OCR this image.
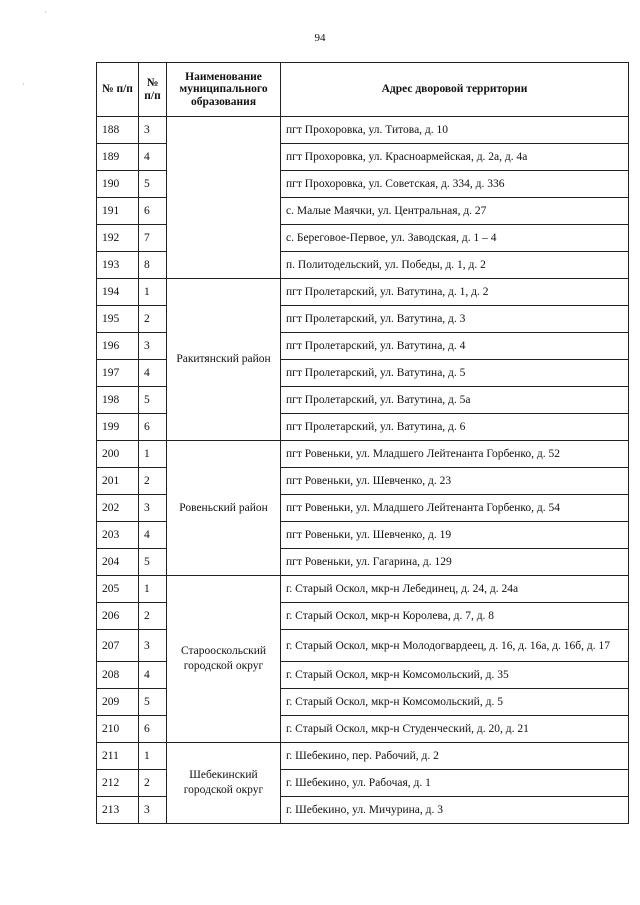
94
№ п/п	№ п/п	Наименование муниципального образования	Адрес дворовой территории
188	3		пгт Прохоровка, ул. Титова, д. 10
189	4		пгт Прохоровка, ул. Красноармейская, д. 2а, д. 4а
190	5		пгт Прохоровка, ул. Советская, д. 334, д. 336
191	6		с. Малые Маячки, ул. Центральная, д. 27
192	7		с. Береговое-Первое, ул. Заводская, д. 1 – 4
193	8		п. Политодельский, ул. Победы, д. 1, д. 2
194	1	Ракитянский район	пгт Пролетарский, ул. Ватутина, д. 1, д. 2
195	2		пгт Пролетарский, ул. Ватутина, д. 3
196	3		пгт Пролетарский, ул. Ватутина, д. 4
197	4		пгт Пролетарский, ул. Ватутина, д. 5
198	5		пгт Пролетарский, ул. Ватутина, д. 5а
199	6		пгт Пролетарский, ул. Ватутина, д. 6
200	1	Ровеньский район	пгт Ровеньки, ул. Младшего Лейтенанта Горбенко, д. 52
201	2		пгт Ровеньки, ул. Шевченко, д. 23
202	3		пгт Ровеньки, ул. Младшего Лейтенанта Горбенко, д. 54
203	4		пгт Ровеньки, ул. Шевченко, д. 19
204	5		пгт Ровеньки, ул. Гагарина, д. 129
205	1	Старооскольский городской округ	г. Старый Оскол, мкр-н Лебединец, д. 24, д. 24а
206	2		г. Старый Оскол, мкр-н Королева, д. 7, д. 8
207	3		г. Старый Оскол, мкр-н Молодогвардеец, д. 16, д. 16а, д. 16б, д. 17
208	4		г. Старый Оскол, мкр-н Комсомольский, д. 35
209	5		г. Старый Оскол, мкр-н Комсомольский, д. 5
210	6		г. Старый Оскол, мкр-н Студенческий, д. 20, д. 21
211	1	Шебекинский городской округ	г. Шебекино, пер. Рабочий, д. 2
212	2		г. Шебекино, ул. Рабочая, д. 1
213	3		г. Шебекино, ул. Мичурина, д. 3
·
·
